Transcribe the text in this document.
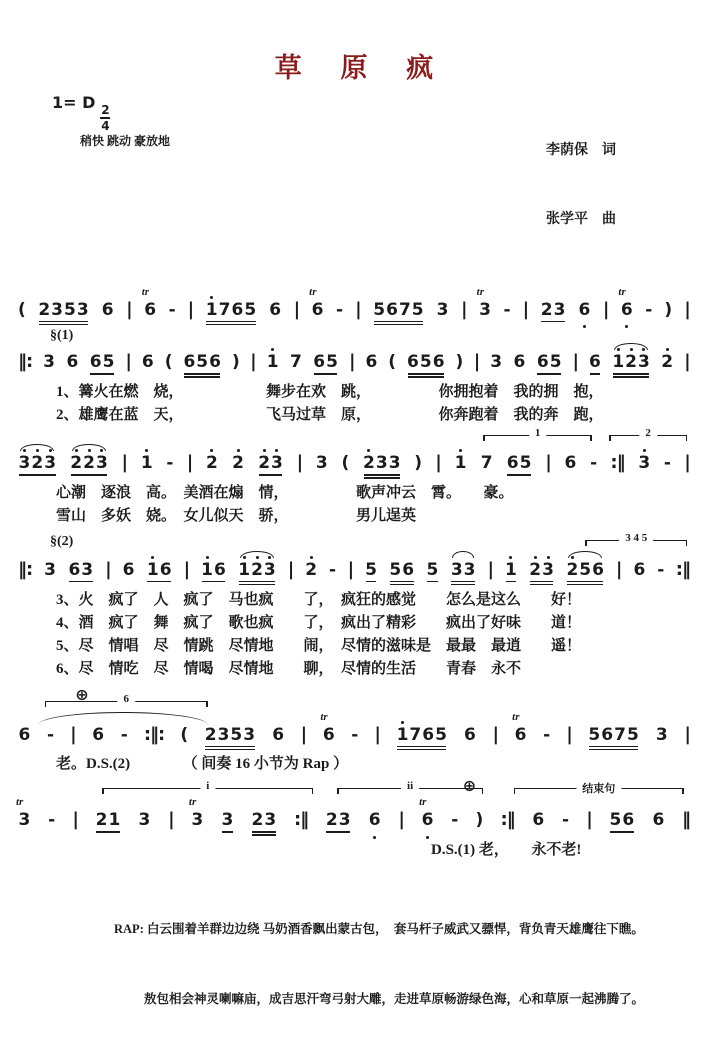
草 原 疯
1= D
$\frac{2}{4}$
稍快 跳动 豪放地

李荫保　词

张学平　曲

( 2353 6 |
tr
6 - | 1
765 6 |
tr
6 - | 5675 3 |
tr
3 - | 23 6 |
tr
6 - ) |
§(1)
‖: 3 6 65 | 6 ( 656 ) | 1 7 65 | 6 ( 656 ) | 3 6 65 | 6 1
2
3 2 |
1、篝火在燃　烧，　　　　　　舞步在欢　跳，　　　　　你拥抱着　我的拥　抱，
2、雄鹰在蓝　天，　　　　　　飞马过草　原，　　　　　你奔跑着　我的奔　跑，
1	2
3
2
3 2
2
3 | 1 - | 2 2 2
3 | 3 ( 2
33 ) | 1 7 65 | 6 - :‖ 3 - |
心潮　逐浪　高。　美酒在煽　情，　　　　　歌声冲云　霄。　　豪。
雪山　多妖　娆。　女儿似天　骄，　　　　　男儿逞英
§(2)	3 4 5
‖: 3 63 | 6 1
6 | 1
6 1
2
3 | 2 - | 5 56 5 33 | 1 2
3 2
56 | 6 - :‖
3、火　疯了　人　疯了　马也疯　　了，　疯狂的感觉　　怎么是这么　　好！
4、酒　疯了　舞　疯了　歌也疯　　了，　疯出了精彩　　疯出了好味　　道！
5、尽　情唱　尽　情跳　尽情地　　闹，　尽情的滋味是　最最　最逍　　遥！
6、尽　情吃　尽　情喝　尽情地　　聊，　尽情的生活　　青春　永不
6
⊕
6 - | 6 - :‖: ( 2353 6 |
tr
6 - | 1
765 6 |
tr
6 - | 5675 3 |
老。D.S.(2)　　　　（ 间奏 16 小节为 Rap ）
i	ii	结束句
⊕
tr
3 - | 21 3 |
tr
3 3 23 :‖ 23 6 |
tr
6 - ) :‖ 6 - | 56 6 ‖
　　　　　　　　　　　　　　　　　　　　　　　　　D.S.(1) 老，　　永不老!

RAP: 白云围着羊群边边绕 马奶酒香飘出蒙古包，  套马杆子威武又骠悍，背负青天雄鹰往下瞧。

敖包相会神灵喇嘛庙，成吉思汗弯弓射大雕，走进草原畅游绿色海，心和草原一起沸腾了。
